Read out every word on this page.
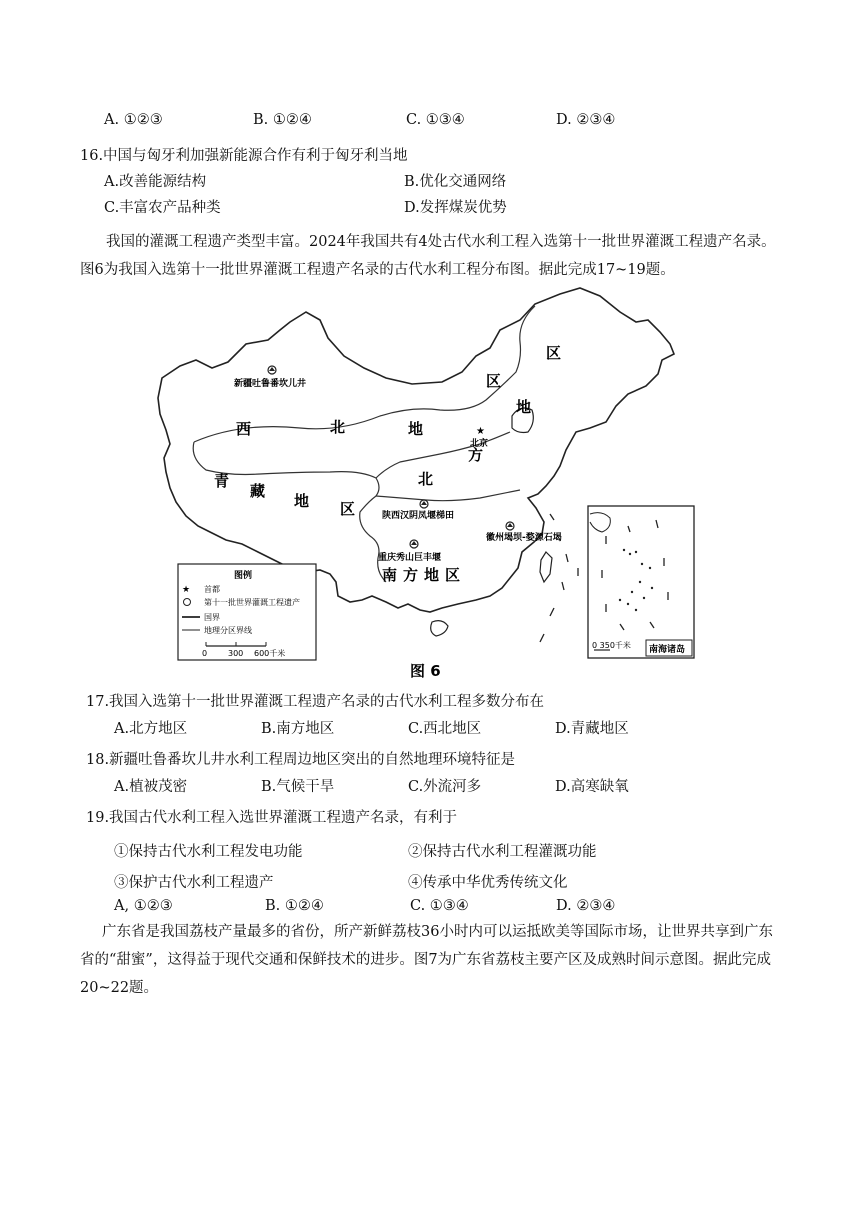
A. ①②③	B. ①②④	C. ①③④	D. ②③④
16.中国与匈牙利加强新能源合作有利于匈牙利当地
A.改善能源结构	B.优化交通网络
C.丰富农产品种类	D.发挥煤炭优势
我国的灌溉工程遗产类型丰富。2024年我国共有4处古代水利工程入选第十一批世界灌溉工程遗产名录。图6为我国入选第十一批世界灌溉工程遗产名录的古代水利工程分布图。据此完成17~19题。
西	北	地
青
藏
地 区
北
方
区
区
地
南方地区
★
北京
新疆吐鲁番坎儿井
陕西汉阴凤堰梯田
重庆秀山巨丰堰
徽州堨坝-婺源石堨
图例
★ 首都
第十一批世界灌溉工程遗产
国界
地理分区界线
0	300 600千米
0 350千米 南海诸岛
图 6
17.我国入选第十一批世界灌溉工程遗产名录的古代水利工程多数分布在
A.北方地区	B.南方地区	C.西北地区	D.青藏地区
18.新疆吐鲁番坎儿井水利工程周边地区突出的自然地理环境特征是
A.植被茂密	B.气候干旱	C.外流河多	D.高寒缺氧
19.我国古代水利工程入选世界灌溉工程遗产名录，有利于
①保持古代水利工程发电功能	②保持古代水利工程灌溉功能
③保护古代水利工程遗产	④传承中华优秀传统文化
A, ①②③	B. ①②④	C. ①③④	D. ②③④
广东省是我国荔枝产量最多的省份，所产新鲜荔枝36小时内可以运抵欧美等国际市场，让世界共享到广东省的“甜蜜”，这得益于现代交通和保鲜技术的进步。图7为广东省荔枝主要产区及成熟时间示意图。据此完成20~22题。
